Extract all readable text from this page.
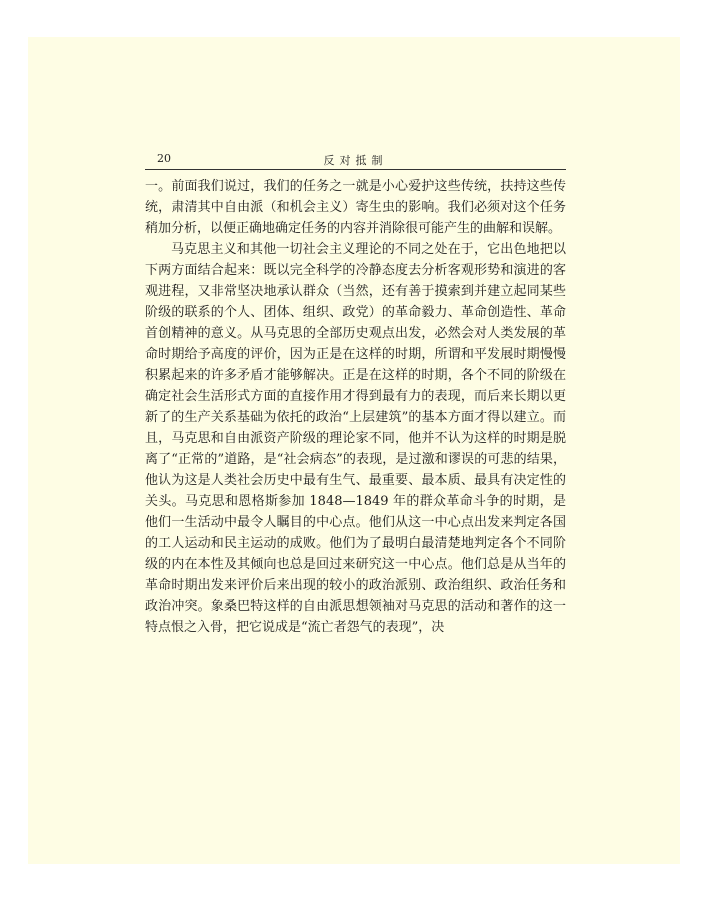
20	反对抵制

一。前面我们说过，我们的任务之一就是小心爱护这些传统，扶持这些传统，肃清其中自由派（和机会主义）寄生虫的影响。我们必须对这个任务稍加分析，以便正确地确定任务的内容并消除很可能产生的曲解和误解。

马克思主义和其他一切社会主义理论的不同之处在于，它出色地把以下两方面结合起来：既以完全科学的冷静态度去分析客观形势和演进的客观进程，又非常坚决地承认群众（当然，还有善于摸索到并建立起同某些阶级的联系的个人、团体、组织、政党）的革命毅力、革命创造性、革命首创精神的意义。从马克思的全部历史观点出发，必然会对人类发展的革命时期给予高度的评价，因为正是在这样的时期，所谓和平发展时期慢慢积累起来的许多矛盾才能够解决。正是在这样的时期，各个不同的阶级在确定社会生活形式方面的直接作用才得到最有力的表现，而后来长期以更新了的生产关系基础为依托的政治“上层建筑”的基本方面才得以建立。而且，马克思和自由派资产阶级的理论家不同，他并不认为这样的时期是脱离了“正常的”道路，是“社会病态”的表现，是过激和谬误的可悲的结果，他认为这是人类社会历史中最有生气、最重要、最本质、最具有决定性的关头。马克思和恩格斯参加 1848—1849 年的群众革命斗争的时期，是他们一生活动中最令人瞩目的中心点。他们从这一中心点出发来判定各国的工人运动和民主运动的成败。他们为了最明白最清楚地判定各个不同阶级的内在本性及其倾向也总是回过来研究这一中心点。他们总是从当年的革命时期出发来评价后来出现的较小的政治派别、政治组织、政治任务和政治冲突。象桑巴特这样的自由派思想领袖对马克思的活动和著作的这一特点恨之入骨，把它说成是“流亡者怨气的表现”，决
